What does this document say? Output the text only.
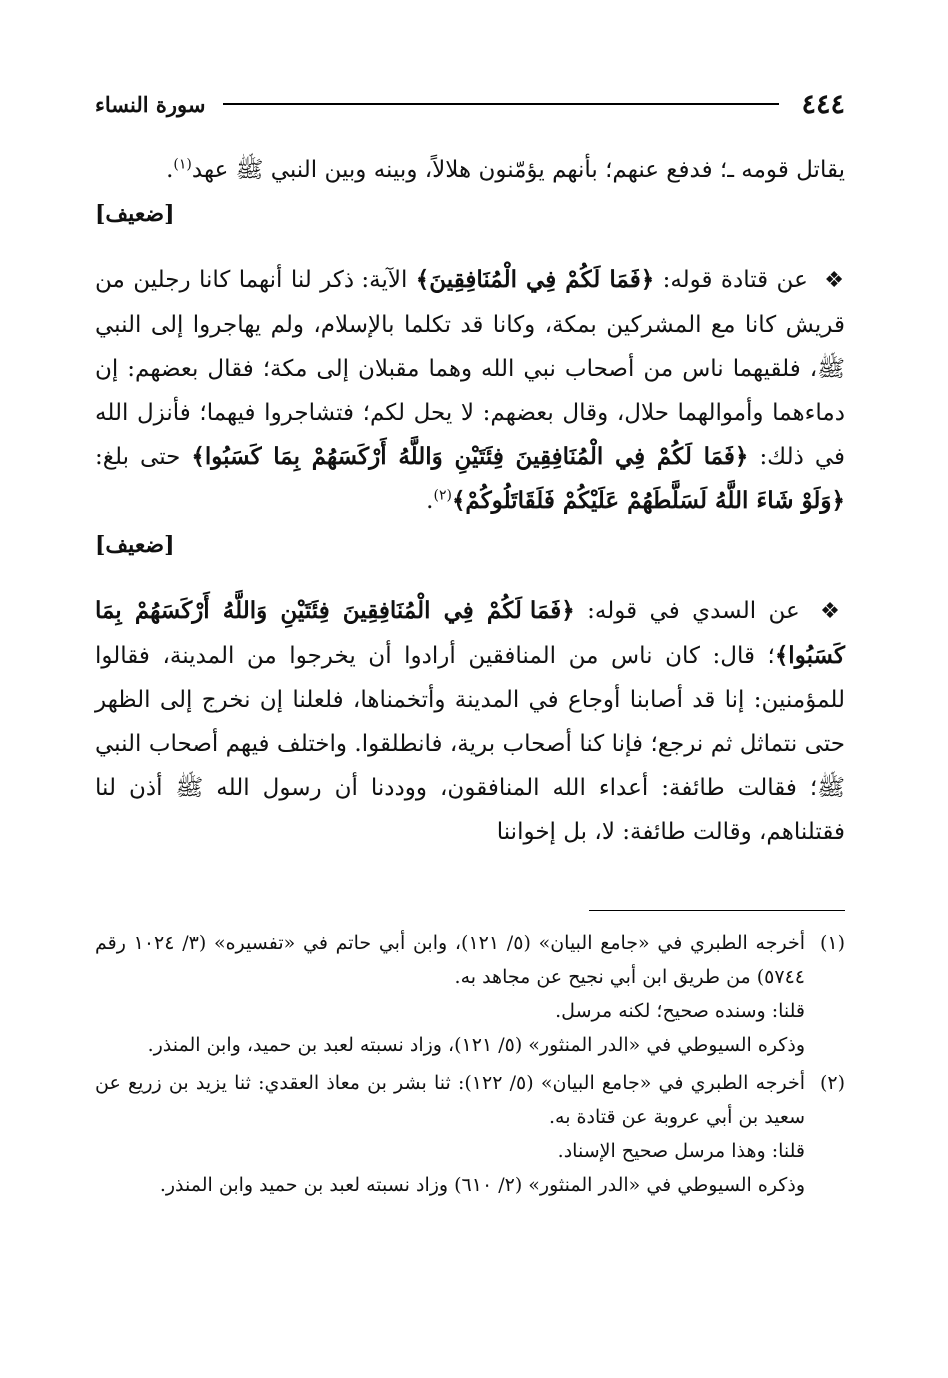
٤٤٤
سورة النساء

يقاتل قومه ـ؛ فدفع عنهم؛ بأنهم يؤمّنون هلالاً، وبينه وبين النبي ﷺ عهد$^{(١)}$.
[ضعيف]

❖ عن قتادة قوله: ﴿فَمَا لَكُمْ فِي الْمُنَافِقِينَ﴾ الآية: ذكر لنا أنهما كانا رجلين من قريش كانا مع المشركين بمكة، وكانا قد تكلما بالإسلام، ولم يهاجروا إلى النبي ﷺ، فلقيهما ناس من أصحاب نبي الله وهما مقبلان إلى مكة؛ فقال بعضهم: إن دماءهما وأموالهما حلال، وقال بعضهم: لا يحل لكم؛ فتشاجروا فيهما؛ فأنزل الله في ذلك: ﴿فَمَا لَكُمْ فِي الْمُنَافِقِينَ فِئَتَيْنِ وَاللَّهُ أَرْكَسَهُمْ بِمَا كَسَبُوا﴾ حتى بلغ: ﴿وَلَوْ شَاءَ اللَّهُ لَسَلَّطَهُمْ عَلَيْكُمْ فَلَقَاتَلُوكُمْ﴾$^{(٢)}$.
[ضعيف]

❖ عن السدي في قوله: ﴿فَمَا لَكُمْ فِي الْمُنَافِقِينَ فِئَتَيْنِ وَاللَّهُ أَرْكَسَهُمْ بِمَا كَسَبُوا﴾؛ قال: كان ناس من المنافقين أرادوا أن يخرجوا من المدينة، فقالوا للمؤمنين: إنا قد أصابنا أوجاع في المدينة وأتخمناها، فلعلنا إن نخرج إلى الظهر حتى نتماثل ثم نرجع؛ فإنا كنا أصحاب برية، فانطلقوا. واختلف فيهم أصحاب النبي ﷺ؛ فقالت طائفة: أعداء الله المنافقون، ووددنا أن رسول الله ﷺ أذن لنا فقتلناهم، وقالت طائفة: لا، بل إخواننا

(١)

أخرجه الطبري في «جامع البيان» (٥/ ١٢١)، وابن أبي حاتم في «تفسيره» (٣/ ١٠٢٤ رقم ٥٧٤٤) من طريق ابن أبي نجيح عن مجاهد به.

قلنا: وسنده صحيح؛ لكنه مرسل.

وذكره السيوطي في «الدر المنثور» (٥/ ١٢١)، وزاد نسبته لعبد بن حميد، وابن المنذر.

(٢)

أخرجه الطبري في «جامع البيان» (٥/ ١٢٢): ثنا بشر بن معاذ العقدي: ثنا يزيد بن زريع عن سعيد بن أبي عروبة عن قتادة به.

قلنا: وهذا مرسل صحيح الإسناد.

وذكره السيوطي في «الدر المنثور» (٢/ ٦١٠) وزاد نسبته لعبد بن حميد وابن المنذر.
